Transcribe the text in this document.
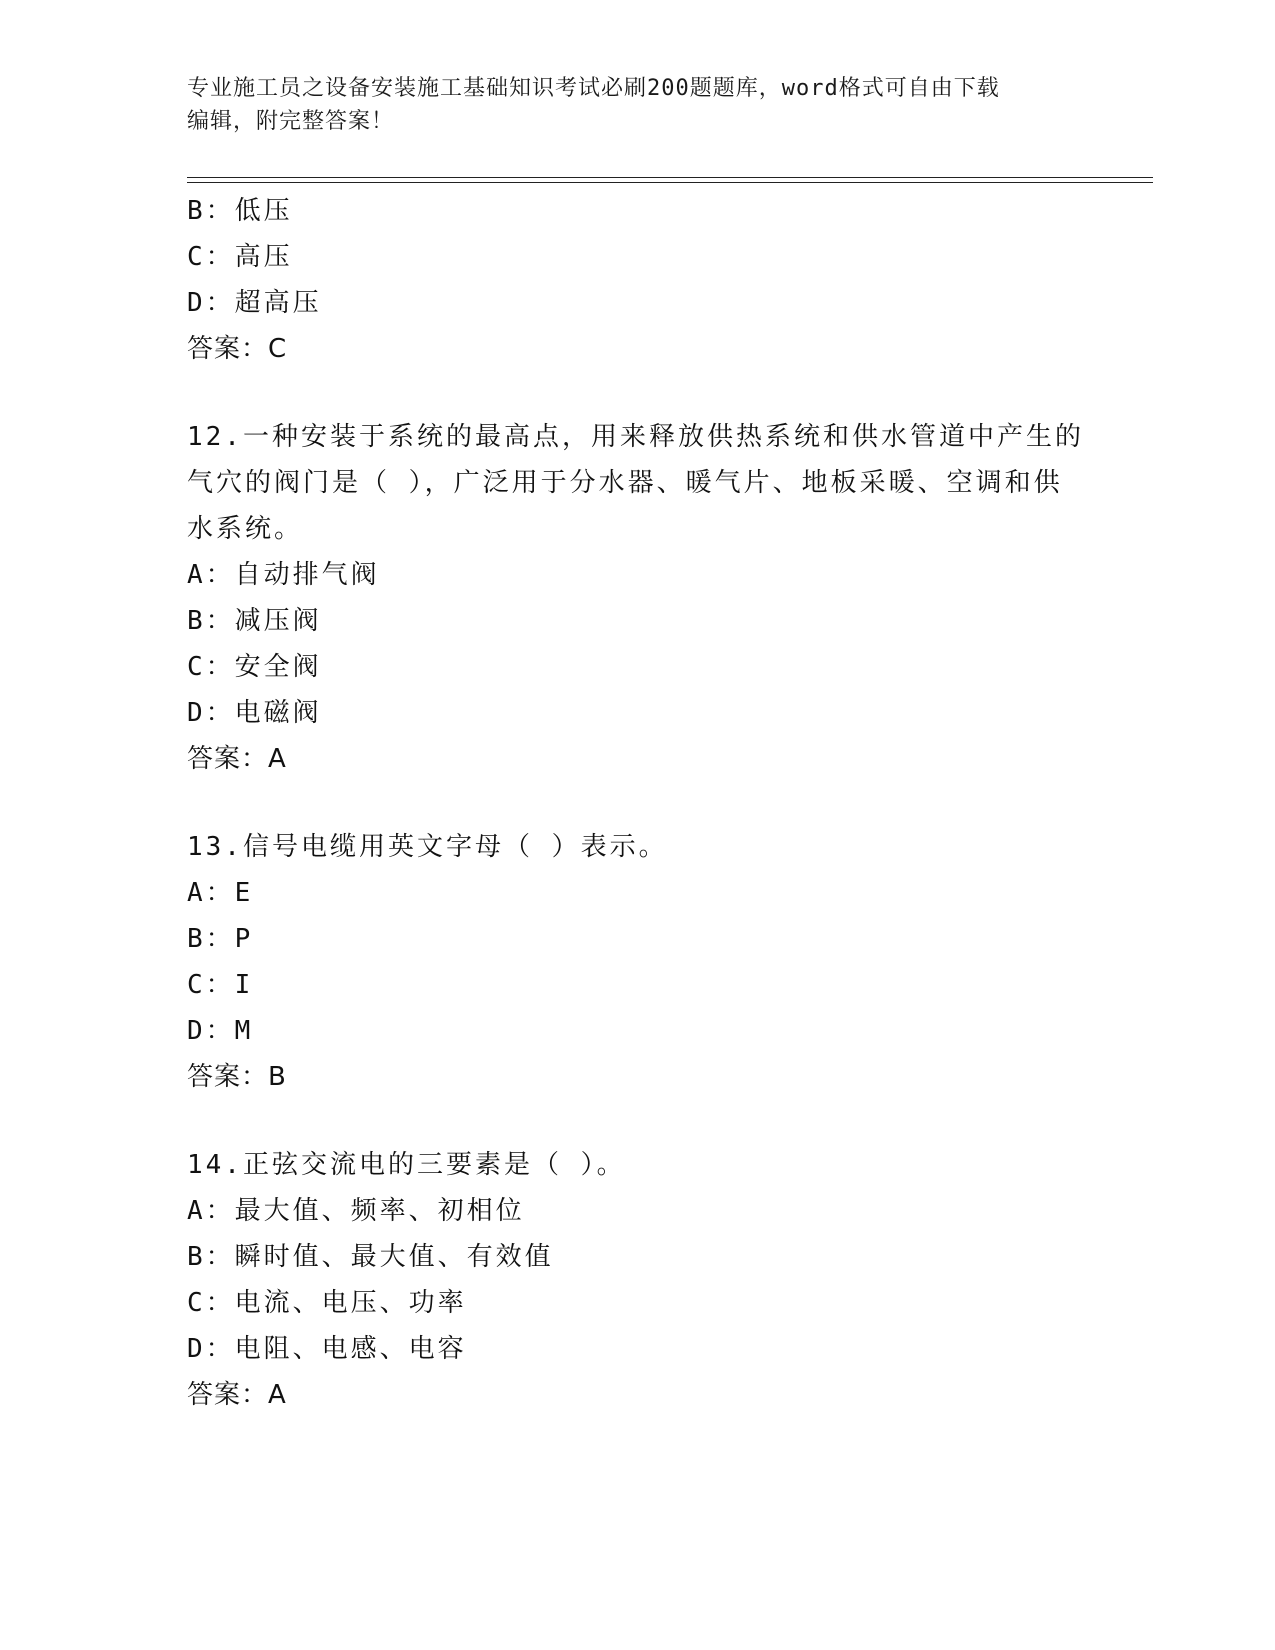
专业施工员之设备安装施工基础知识考试必刷200题题库，word格式可自由下载
编辑，附完整答案！
B：低压
C：高压
D：超高压
答案：C
12.一种安装于系统的最高点，用来释放供热系统和供水管道中产生的
气穴的阀门是（ ），广泛用于分水器、暖气片、地板采暖、空调和供
水系统。
A：自动排气阀
B：减压阀
C：安全阀
D：电磁阀
答案：A
13.信号电缆用英文字母（ ）表示。
A：E
B：P
C：I
D：M
答案：B
14.正弦交流电的三要素是（ ）。
A：最大值、频率、初相位
B：瞬时值、最大值、有效值
C：电流、电压、功率
D：电阻、电感、电容
答案：A
